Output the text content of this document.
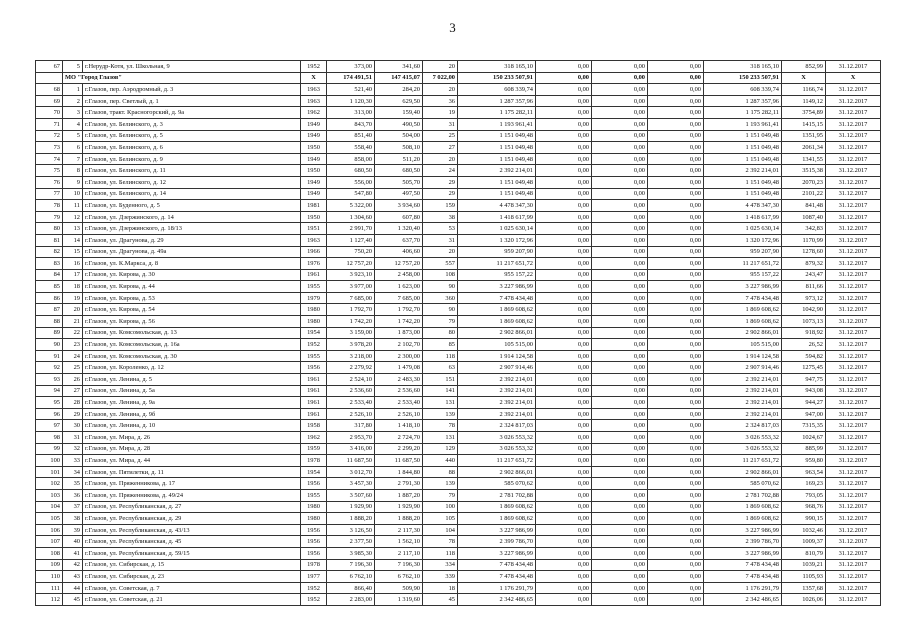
3
67	5	г.Нерудр-Котя, ул. Школьная, 9	1952	373,00	341,60	20	318 165,10	0,00	0,00	0,00	318 165,10	852,99	31.12.2017
	МО "Город Глазов"		X	174 491,51	147 415,07	7 022,00	150 233 507,91	0,00	0,00	0,00	150 233 507,91	X	X
68	1	г.Глазов, пер. Аэродромный, д. 3	1963	521,40	284,20	20	608 339,74	0,00	0,00	0,00	608 339,74	1166,74	31.12.2017
69	2	г.Глазов, пер. Светлый, д. 1	1963	1 120,30	629,50	36	1 287 357,96	0,00	0,00	0,00	1 287 357,96	1149,12	31.12.2017
70	3	г.Глазов, тракт. Красногорский, д. 9а	1962	313,00	159,40	19	1 175 282,11	0,00	0,00	0,00	1 175 282,11	3754,89	31.12.2017
71	4	г.Глазов, ул. Белинского, д. 3	1949	843,70	490,50	31	1 193 961,41	0,00	0,00	0,00	1 193 961,41	1415,15	31.12.2017
72	5	г.Глазов, ул. Белинского, д. 5	1949	851,40	504,00	25	1 151 049,48	0,00	0,00	0,00	1 151 049,48	1351,95	31.12.2017
73	6	г.Глазов, ул. Белинского, д. 6	1950	558,40	508,10	27	1 151 049,48	0,00	0,00	0,00	1 151 049,48	2061,34	31.12.2017
74	7	г.Глазов, ул. Белинского, д. 9	1949	858,00	511,20	20	1 151 049,48	0,00	0,00	0,00	1 151 049,48	1341,55	31.12.2017
75	8	г.Глазов, ул. Белинского, д. 11	1950	680,50	680,50	24	2 392 214,01	0,00	0,00	0,00	2 392 214,01	3515,38	31.12.2017
76	9	г.Глазов, ул. Белинского, д. 12	1949	556,00	505,70	29	1 151 049,48	0,00	0,00	0,00	1 151 049,48	2070,23	31.12.2017
77	10	г.Глазов, ул. Белинского, д. 14	1949	547,80	497,50	29	1 151 049,48	0,00	0,00	0,00	1 151 049,48	2101,22	31.12.2017
78	11	г.Глазов, ул. Буденного, д. 5	1981	5 322,00	3 934,60	159	4 478 347,30	0,00	0,00	0,00	4 478 347,30	841,48	31.12.2017
79	12	г.Глазов, ул. Дзержинского, д. 14	1950	1 304,60	607,80	38	1 418 617,99	0,00	0,00	0,00	1 418 617,99	1087,40	31.12.2017
80	13	г.Глазов, ул. Дзержинского, д. 18/13	1951	2 991,70	1 320,40	53	1 025 630,14	0,00	0,00	0,00	1 025 630,14	342,83	31.12.2017
81	14	г.Глазов, ул. Драгунова, д. 29	1963	1 127,40	637,70	31	1 320 172,96	0,00	0,00	0,00	1 320 172,96	1170,99	31.12.2017
82	15	г.Глазов, ул. Драгунова, д. 49а	1966	750,20	406,60	20	959 207,90	0,00	0,00	0,00	959 207,90	1278,60	31.12.2017
83	16	г.Глазов, ул. К.Маркса, д. 8	1976	12 757,20	12 757,20	557	11 217 651,72	0,00	0,00	0,00	11 217 651,72	879,32	31.12.2017
84	17	г.Глазов, ул. Кирова, д. 30	1961	3 923,10	2 458,00	108	955 157,22	0,00	0,00	0,00	955 157,22	243,47	31.12.2017
85	18	г.Глазов, ул. Кирова, д. 44	1955	3 977,00	1 623,00	90	3 227 986,99	0,00	0,00	0,00	3 227 986,99	811,66	31.12.2017
86	19	г.Глазов, ул. Кирова, д. 53	1979	7 685,00	7 685,00	360	7 478 434,48	0,00	0,00	0,00	7 478 434,48	973,12	31.12.2017
87	20	г.Глазов, ул. Кирова, д. 54	1980	1 792,70	1 792,70	90	1 869 608,62	0,00	0,00	0,00	1 869 608,62	1042,90	31.12.2017
88	21	г.Глазов, ул. Кирова, д. 56	1980	1 742,20	1 742,20	79	1 869 608,62	0,00	0,00	0,00	1 869 608,62	1073,13	31.12.2017
89	22	г.Глазов, ул. Комсомольская, д. 13	1954	3 159,00	1 873,00	80	2 902 866,01	0,00	0,00	0,00	2 902 866,01	918,92	31.12.2017
90	23	г.Глазов, ул. Комсомольская, д. 16а	1952	3 978,20	2 102,70	85	105 515,00	0,00	0,00	0,00	105 515,00	26,52	31.12.2017
91	24	г.Глазов, ул. Комсомольская, д. 30	1955	3 218,00	2 300,00	118	1 914 124,58	0,00	0,00	0,00	1 914 124,58	594,82	31.12.2017
92	25	г.Глазов, ул. Короленко, д. 12	1956	2 279,92	1 479,08	63	2 907 914,46	0,00	0,00	0,00	2 907 914,46	1275,45	31.12.2017
93	26	г.Глазов, ул. Ленина, д. 5	1961	2 524,10	2 483,30	151	2 392 214,01	0,00	0,00	0,00	2 392 214,01	947,75	31.12.2017
94	27	г.Глазов, ул. Ленина, д. 5а	1961	2 536,60	2 536,60	141	2 392 214,01	0,00	0,00	0,00	2 392 214,01	943,08	31.12.2017
95	28	г.Глазов, ул. Ленина, д. 9а	1961	2 533,40	2 533,40	131	2 392 214,01	0,00	0,00	0,00	2 392 214,01	944,27	31.12.2017
96	29	г.Глазов, ул. Ленина, д. 9б	1961	2 526,10	2 526,10	139	2 392 214,01	0,00	0,00	0,00	2 392 214,01	947,00	31.12.2017
97	30	г.Глазов, ул. Ленина, д. 10	1958	317,80	1 418,10	78	2 324 817,03	0,00	0,00	0,00	2 324 817,03	7315,35	31.12.2017
98	31	г.Глазов, ул. Мира, д. 26	1962	2 953,70	2 724,70	131	3 026 553,32	0,00	0,00	0,00	3 026 553,32	1024,67	31.12.2017
99	32	г.Глазов, ул. Мира, д. 28	1959	3 416,00	2 299,20	129	3 026 553,32	0,00	0,00	0,00	3 026 553,32	885,99	31.12.2017
100	33	г.Глазов, ул. Мира, д. 44	1978	11 687,50	11 687,50	440	11 217 651,72	0,00	0,00	0,00	11 217 651,72	959,80	31.12.2017
101	34	г.Глазов, ул. Пятилетки, д. 11	1954	3 012,70	1 844,80	88	2 902 866,01	0,00	0,00	0,00	2 902 866,01	963,54	31.12.2017
102	35	г.Глазов, ул. Пряженникова, д. 17	1956	3 457,30	2 791,30	139	585 070,62	0,00	0,00	0,00	585 070,62	169,23	31.12.2017
103	36	г.Глазов, ул. Пряженникова, д. 49/24	1955	3 507,60	1 887,20	79	2 781 702,88	0,00	0,00	0,00	2 781 702,88	793,05	31.12.2017
104	37	г.Глазов, ул. Республиканская, д. 27	1980	1 929,90	1 929,90	100	1 869 608,62	0,00	0,00	0,00	1 869 608,62	968,76	31.12.2017
105	38	г.Глазов, ул. Республиканская, д. 29	1980	1 888,20	1 888,20	105	1 869 608,62	0,00	0,00	0,00	1 869 608,62	990,15	31.12.2017
106	39	г.Глазов, ул. Республиканская, д. 43/13	1956	3 126,50	2 117,30	104	3 227 986,99	0,00	0,00	0,00	3 227 986,99	1032,46	31.12.2017
107	40	г.Глазов, ул. Республиканская, д. 45	1956	2 377,50	1 562,10	78	2 399 786,70	0,00	0,00	0,00	2 399 786,70	1009,37	31.12.2017
108	41	г.Глазов, ул. Республиканская, д. 59/15	1956	3 985,30	2 117,10	118	3 227 986,99	0,00	0,00	0,00	3 227 986,99	810,79	31.12.2017
109	42	г.Глазов, ул. Сибирская, д. 15	1978	7 196,30	7 196,30	334	7 478 434,48	0,00	0,00	0,00	7 478 434,48	1039,21	31.12.2017
110	43	г.Глазов, ул. Сибирская, д. 23	1977	6 762,10	6 762,10	339	7 478 434,48	0,00	0,00	0,00	7 478 434,48	1105,93	31.12.2017
111	44	г.Глазов, ул. Советская, д. 7	1952	866,40	509,90	18	1 176 291,79	0,00	0,00	0,00	1 176 291,79	1357,68	31.12.2017
112	45	г.Глазов, ул. Советская, д. 21	1952	2 283,00	1 319,60	45	2 342 486,65	0,00	0,00	0,00	2 342 486,65	1026,06	31.12.2017
